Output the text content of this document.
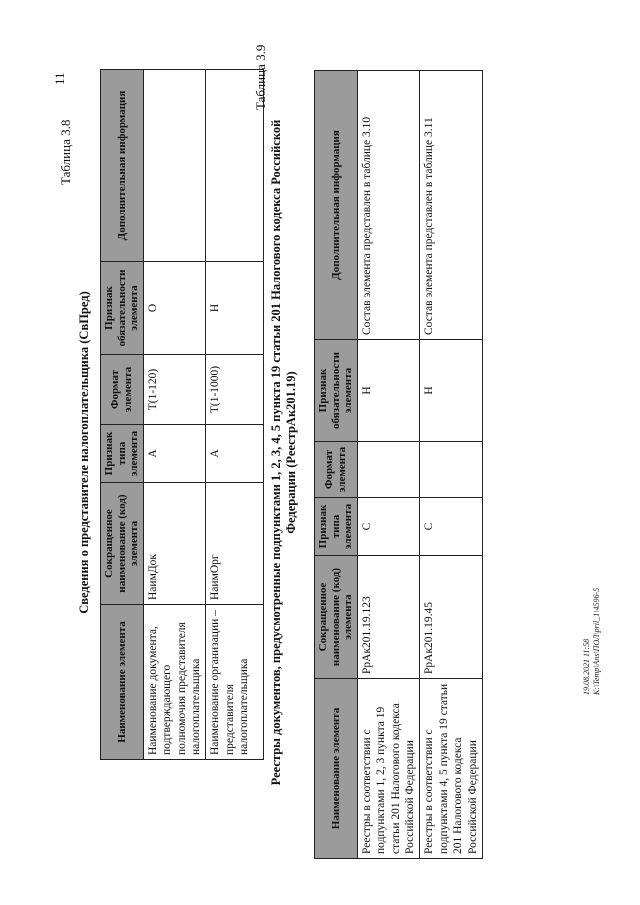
11
Таблица 3.8
Сведения о представителе налогоплательщика (СвПред)
Наименование элемента	Сокращенное наименование (код) элемента	Признак типа элемента	Формат элемента	Признак обязательности элемента	Дополнительная информация
Наименование документа, подтверждающего полномочия представителя налогоплательщика	НаимДок	А	T(1-120)	О	
Наименование организации – представителя налогоплательщика	НаимОрг	А	T(1-1000)	Н	
Таблица 3.9
Реестры документов, предусмотренные подпунктами 1, 2, 3, 4, 5 пункта 19 статьи 201 Налогового кодекса Российской Федерации (РеестрАк201.19)
Наименование элемента	Сокращенное наименование (код) элемента	Признак типа элемента	Формат элемента	Признак обязательности элемента	Дополнительная информация
Реестры в соответствии с подпунктами 1, 2, 3 пункта 19 статьи 201 Налогового кодекса Российской Федерации	РрАк201.19.123	С		Н	Состав элемента представлен в таблице 3.10
Реестры в соответствии с подпунктами 4, 5 пункта 19 статьи 201 Налогового кодекса Российской Федерации	РрАк201.19.45	С		Н	Состав элемента представлен в таблице 3.11
19.08.2021 11:58 К:\Temp\Ans\ПОЛ\pril_1\4596-5
